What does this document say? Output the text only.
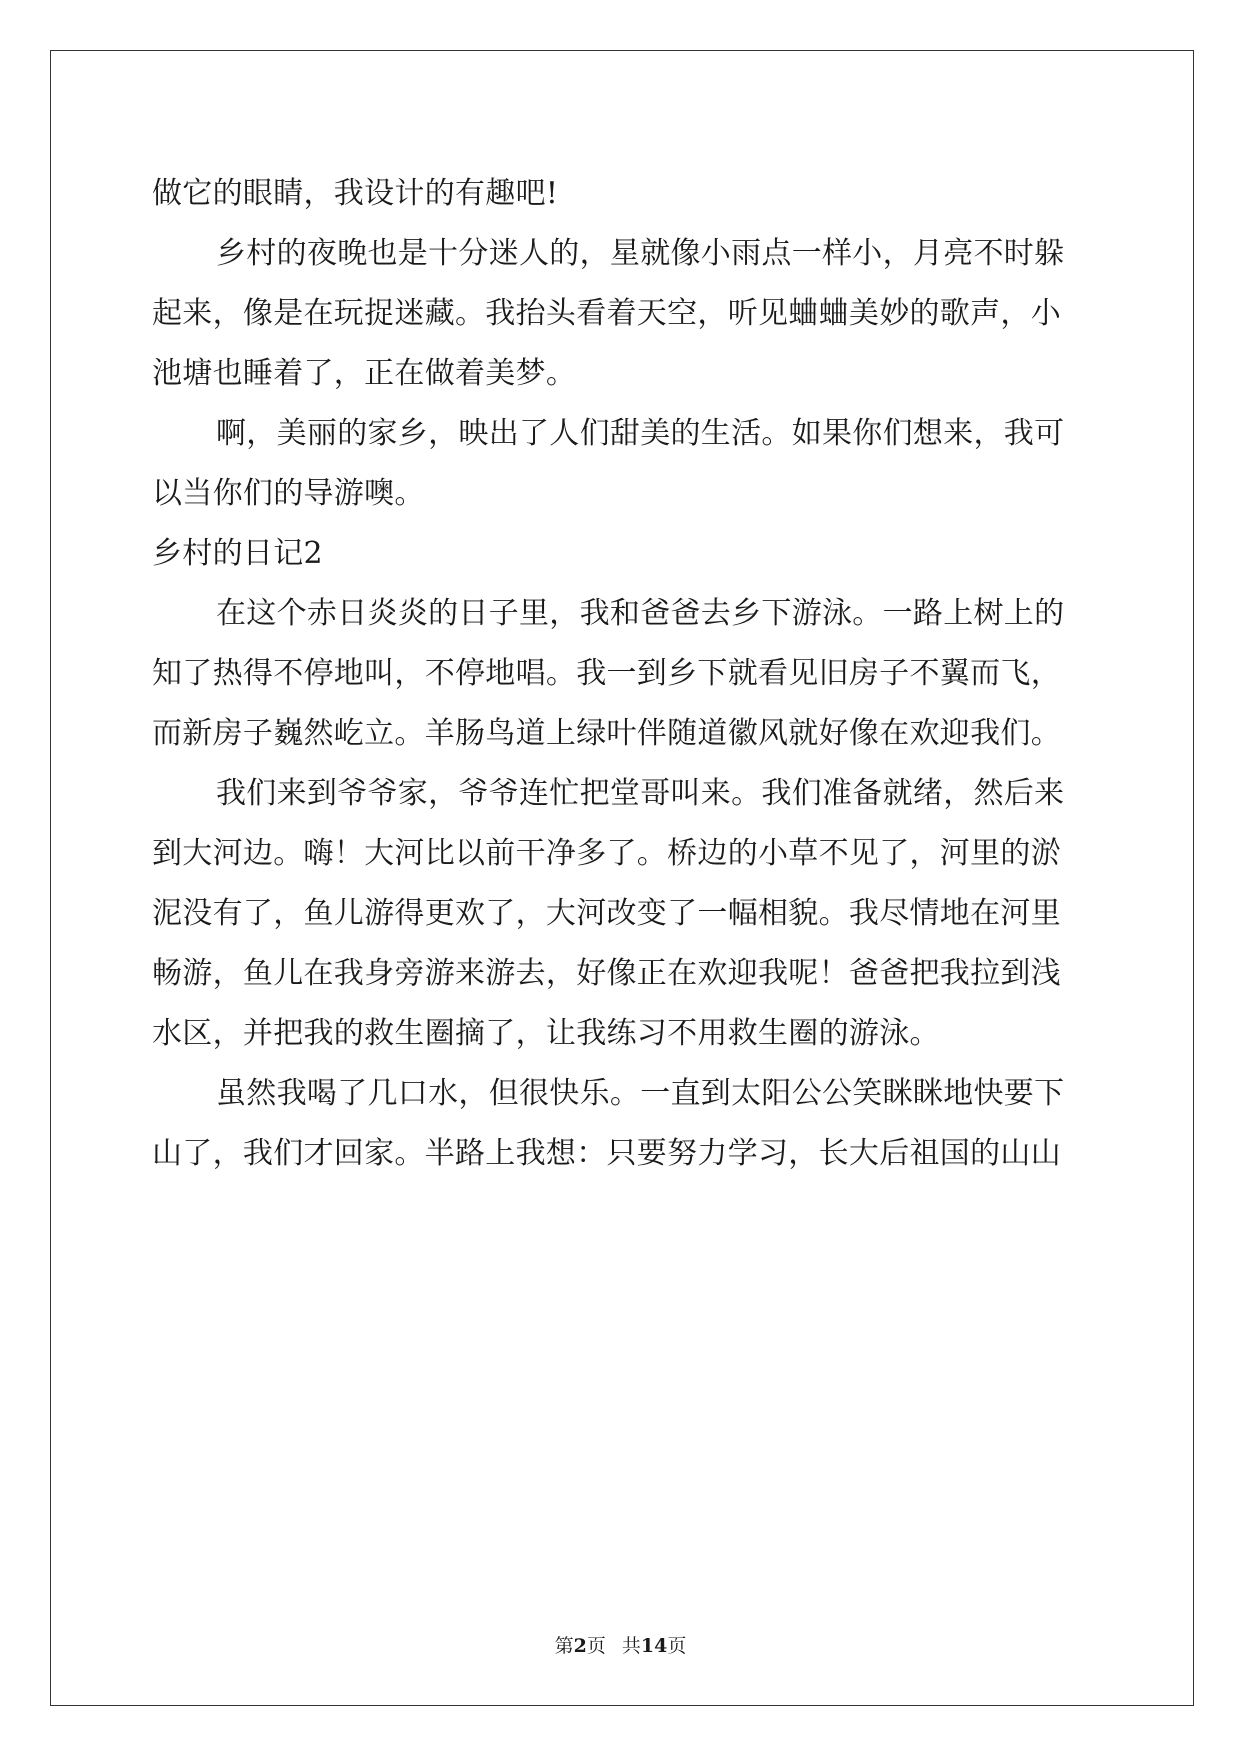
做它的眼睛，我设计的有趣吧!

乡村的夜晚也是十分迷人的，星就像小雨点一样小，月亮不时躲

起来，像是在玩捉迷藏。我抬头看着天空，听见蛐蛐美妙的歌声，小

池塘也睡着了，正在做着美梦。

啊，美丽的家乡，映出了人们甜美的生活。如果你们想来，我可

以当你们的导游噢。

乡村的日记2

在这个赤日炎炎的日子里，我和爸爸去乡下游泳。一路上树上的

知了热得不停地叫，不停地唱。我一到乡下就看见旧房子不翼而飞，

而新房子巍然屹立。羊肠鸟道上绿叶伴随道徽风就好像在欢迎我们。

我们来到爷爷家，爷爷连忙把堂哥叫来。我们准备就绪，然后来

到大河边。嗨！大河比以前干净多了。桥边的小草不见了，河里的淤

泥没有了，鱼儿游得更欢了，大河改变了一幅相貌。我尽情地在河里

畅游，鱼儿在我身旁游来游去，好像正在欢迎我呢！爸爸把我拉到浅

水区，并把我的救生圈摘了，让我练习不用救生圈的游泳。

虽然我喝了几口水，但很快乐。一直到太阳公公笑眯眯地快要下

山了，我们才回家。半路上我想：只要努力学习，长大后祖国的山山

第2页 共14页
